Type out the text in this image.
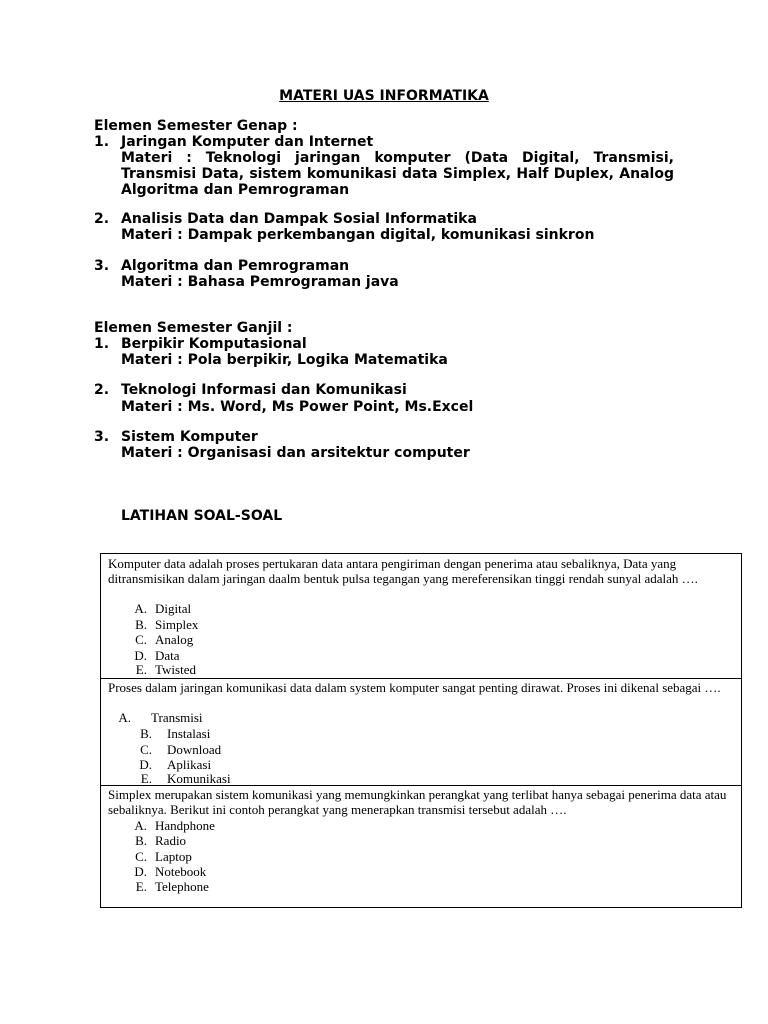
MATERI UAS INFORMATIKA
Elemen Semester Genap :
1. Jaringan Komputer dan Internet
Materi : Teknologi jaringan komputer (Data Digital, Transmisi, Transmisi Data, sistem komunikasi data Simplex, Half Duplex, Analog Algoritma dan Pemrograman
2. Analisis Data dan Dampak Sosial Informatika
Materi : Dampak perkembangan digital, komunikasi sinkron
3. Algoritma dan Pemrograman
Materi : Bahasa Pemrograman java
Elemen Semester Ganjil :
1. Berpikir Komputasional
Materi : Pola berpikir, Logika Matematika
2. Teknologi Informasi dan Komunikasi
Materi : Ms. Word, Ms Power Point, Ms.Excel
3. Sistem Komputer
Materi : Organisasi dan arsitektur computer
LATIHAN SOAL-SOAL
Komputer data adalah proses pertukaran data antara pengiriman dengan penerima atau sebaliknya, Data yang ditransmisikan dalam jaringan daalm bentuk pulsa tegangan yang mereferensikan tinggi rendah sunyal adalah ….
A. Digital
B. Simplex
C. Analog
D. Data
E. Twisted
Proses dalam jaringan komunikasi data dalam system komputer sangat penting dirawat. Proses ini dikenal sebagai ….
A. Transmisi
B. Instalasi
C. Download
D. Aplikasi
E. Komunikasi
Simplex merupakan sistem komunikasi yang memungkinkan perangkat yang terlibat hanya sebagai penerima data atau sebaliknya. Berikut ini contoh perangkat yang menerapkan transmisi tersebut adalah ….
A. Handphone
B. Radio
C. Laptop
D. Notebook
E. Telephone
